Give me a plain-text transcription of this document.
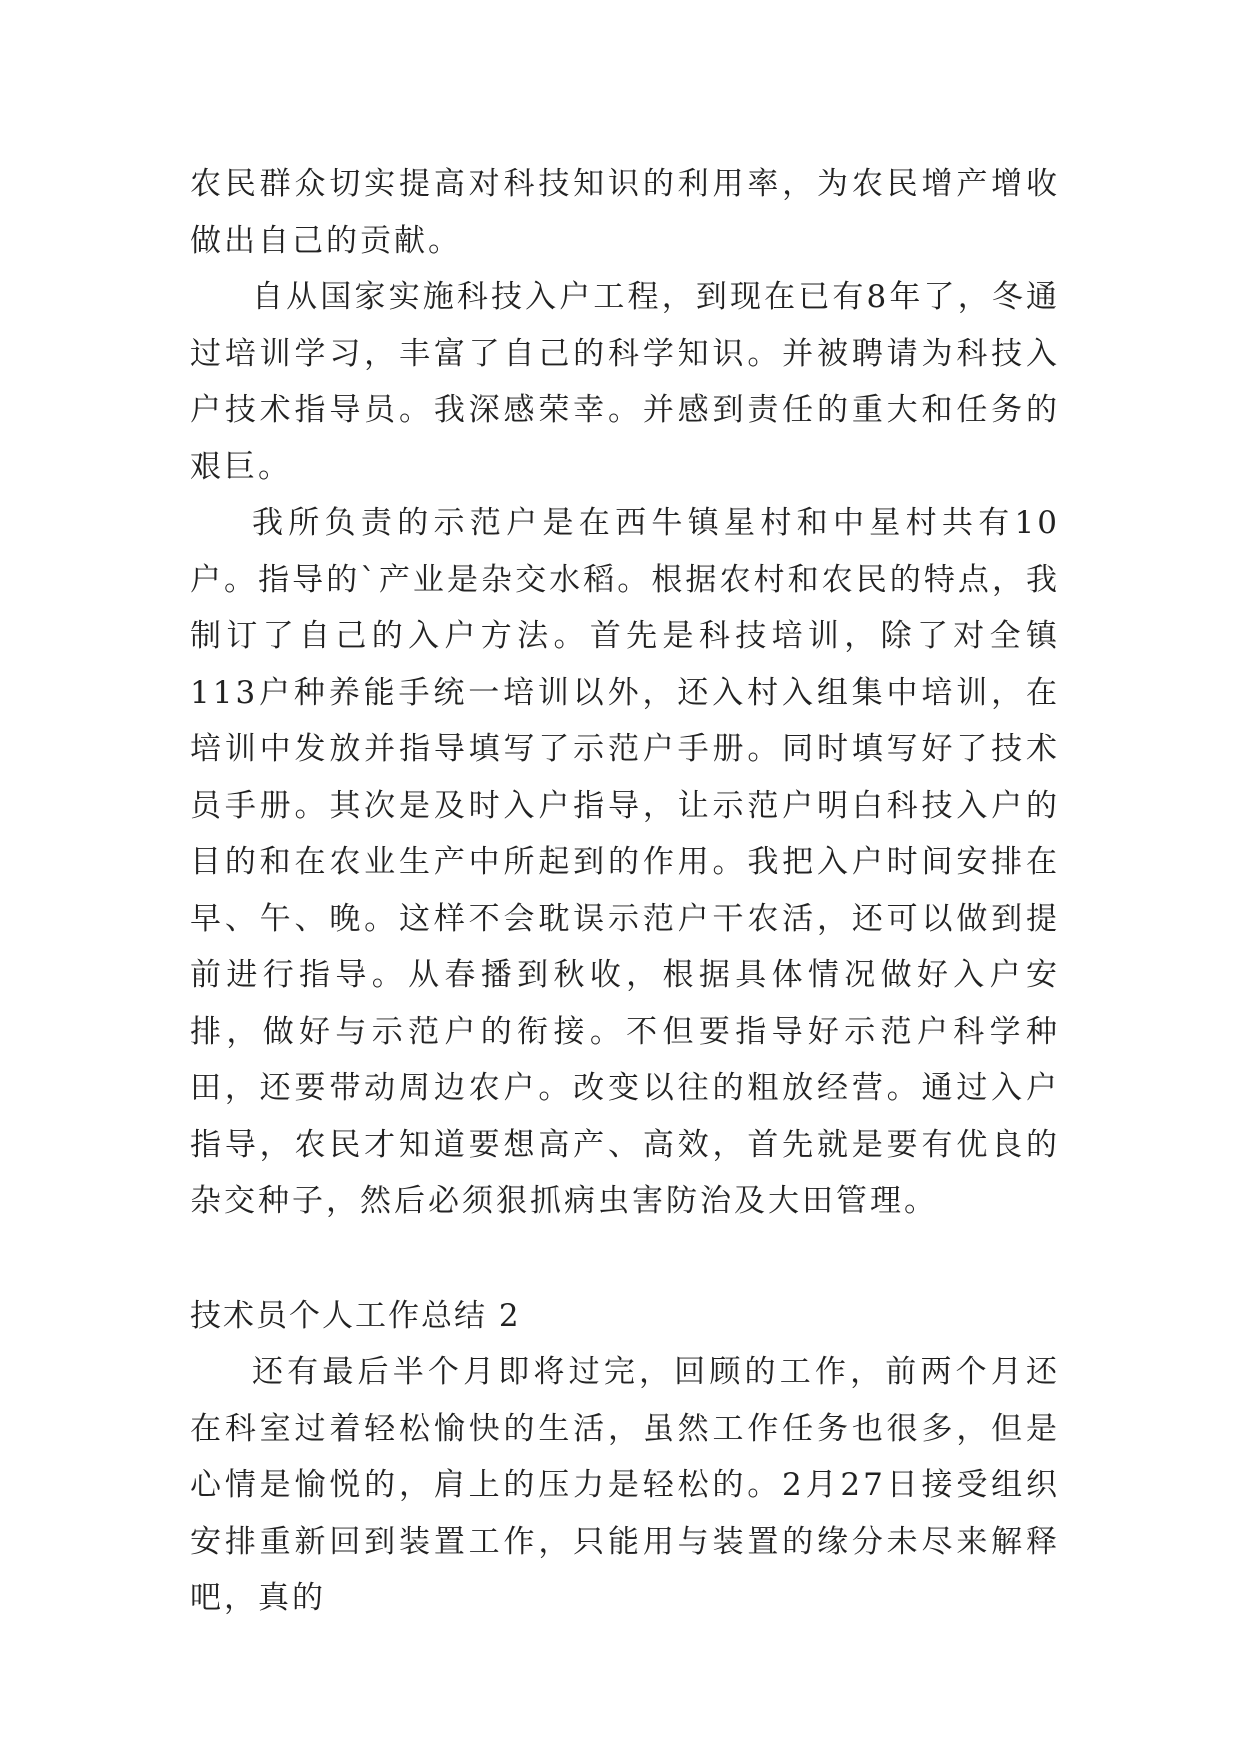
农民群众切实提高对科技知识的利用率，为农民增产增收做出自己的贡献。

自从国家实施科技入户工程，到现在已有8年了，冬通过培训学习，丰富了自己的科学知识。并被聘请为科技入户技术指导员。我深感荣幸。并感到责任的重大和任务的艰巨。

我所负责的示范户是在西牛镇星村和中星村共有10户。指导的`产业是杂交水稻。根据农村和农民的特点，我制订了自己的入户方法。首先是科技培训，除了对全镇113户种养能手统一培训以外，还入村入组集中培训，在培训中发放并指导填写了示范户手册。同时填写好了技术员手册。其次是及时入户指导，让示范户明白科技入户的目的和在农业生产中所起到的作用。我把入户时间安排在早、午、晚。这样不会耽误示范户干农活，还可以做到提前进行指导。从春播到秋收，根据具体情况做好入户安排，做好与示范户的衔接。不但要指导好示范户科学种田，还要带动周边农户。改变以往的粗放经营。通过入户指导，农民才知道要想高产、高效，首先就是要有优良的杂交种子，然后必须狠抓病虫害防治及大田管理。

技术员个人工作总结 2

还有最后半个月即将过完，回顾的工作，前两个月还在科室过着轻松愉快的生活，虽然工作任务也很多，但是心情是愉悦的，肩上的压力是轻松的。2月27日接受组织安排重新回到装置工作，只能用与装置的缘分未尽来解释吧，真的
